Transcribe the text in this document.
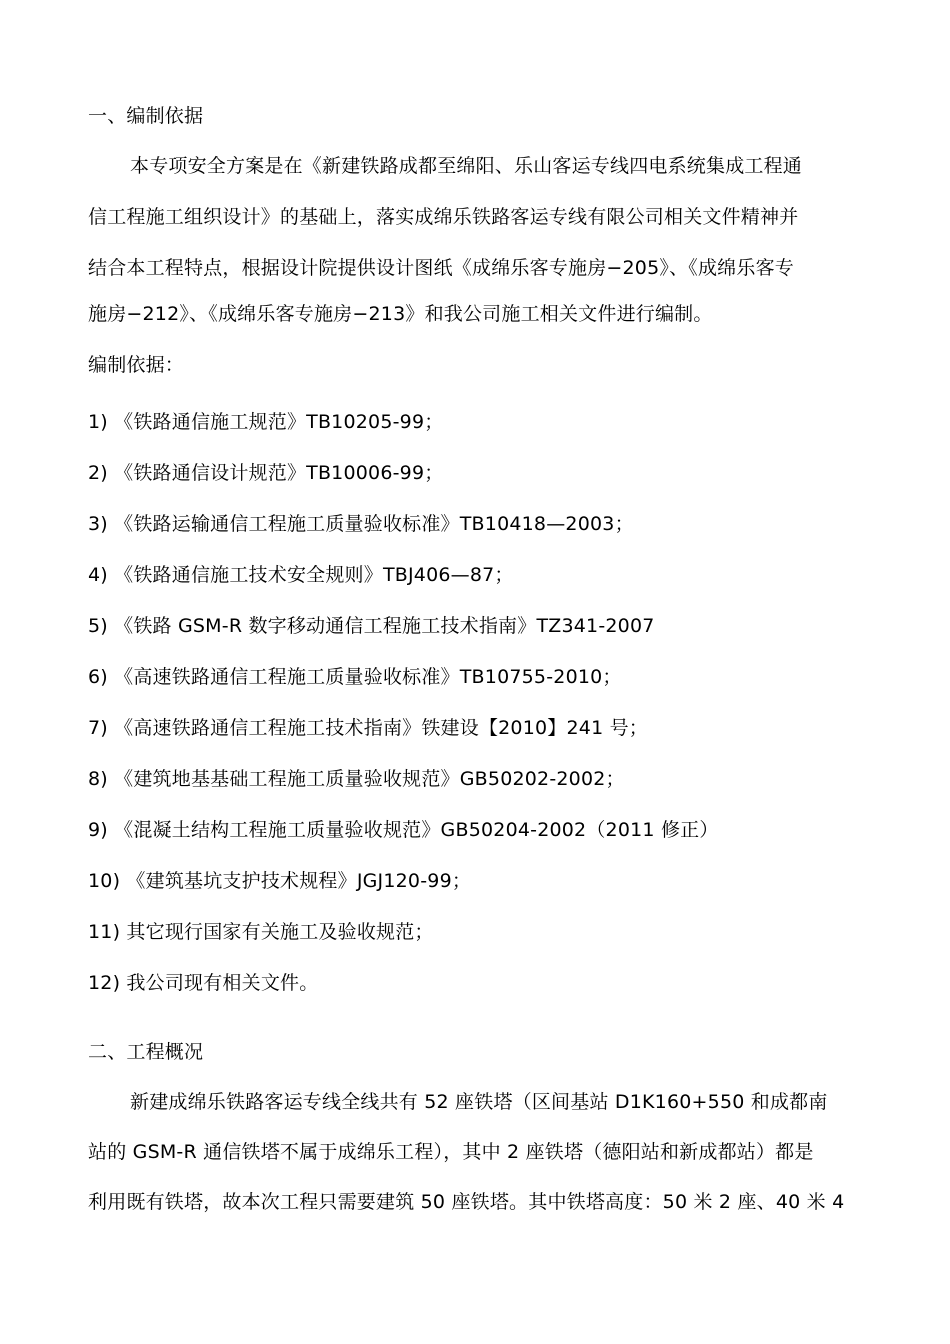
一、编制依据
本专项安全方案是在《新建铁路成都至绵阳、乐山客运专线四电系统集成工程通
信工程施工组织设计》的基础上，落实成绵乐铁路客运专线有限公司相关文件精神并
结合本工程特点，根据设计院提供设计图纸《成绵乐客专施房−205》、《成绵乐客专
施房−212》、《成绵乐客专施房−213》和我公司施工相关文件进行编制。
编制依据：
1) 《铁路通信施工规范》TB10205-99；
2) 《铁路通信设计规范》TB10006-99；
3) 《铁路运输通信工程施工质量验收标准》TB10418—2003；
4) 《铁路通信施工技术安全规则》TBJ406—87；
5) 《铁路 GSM-R 数字移动通信工程施工技术指南》TZ341-2007
6) 《高速铁路通信工程施工质量验收标准》TB10755-2010；
7) 《高速铁路通信工程施工技术指南》铁建设【2010】241 号；
8) 《建筑地基基础工程施工质量验收规范》GB50202-2002；
9) 《混凝土结构工程施工质量验收规范》GB50204-2002（2011 修正）
10) 《建筑基坑支护技术规程》JGJ120-99；
11) 其它现行国家有关施工及验收规范；
12) 我公司现有相关文件。
二、工程概况
新建成绵乐铁路客运专线全线共有 52 座铁塔（区间基站 D1K160+550 和成都南
站的 GSM-R 通信铁塔不属于成绵乐工程），其中 2 座铁塔（德阳站和新成都站）都是
利用既有铁塔，故本次工程只需要建筑 50 座铁塔。其中铁塔高度：50 米 2 座、40 米 4
